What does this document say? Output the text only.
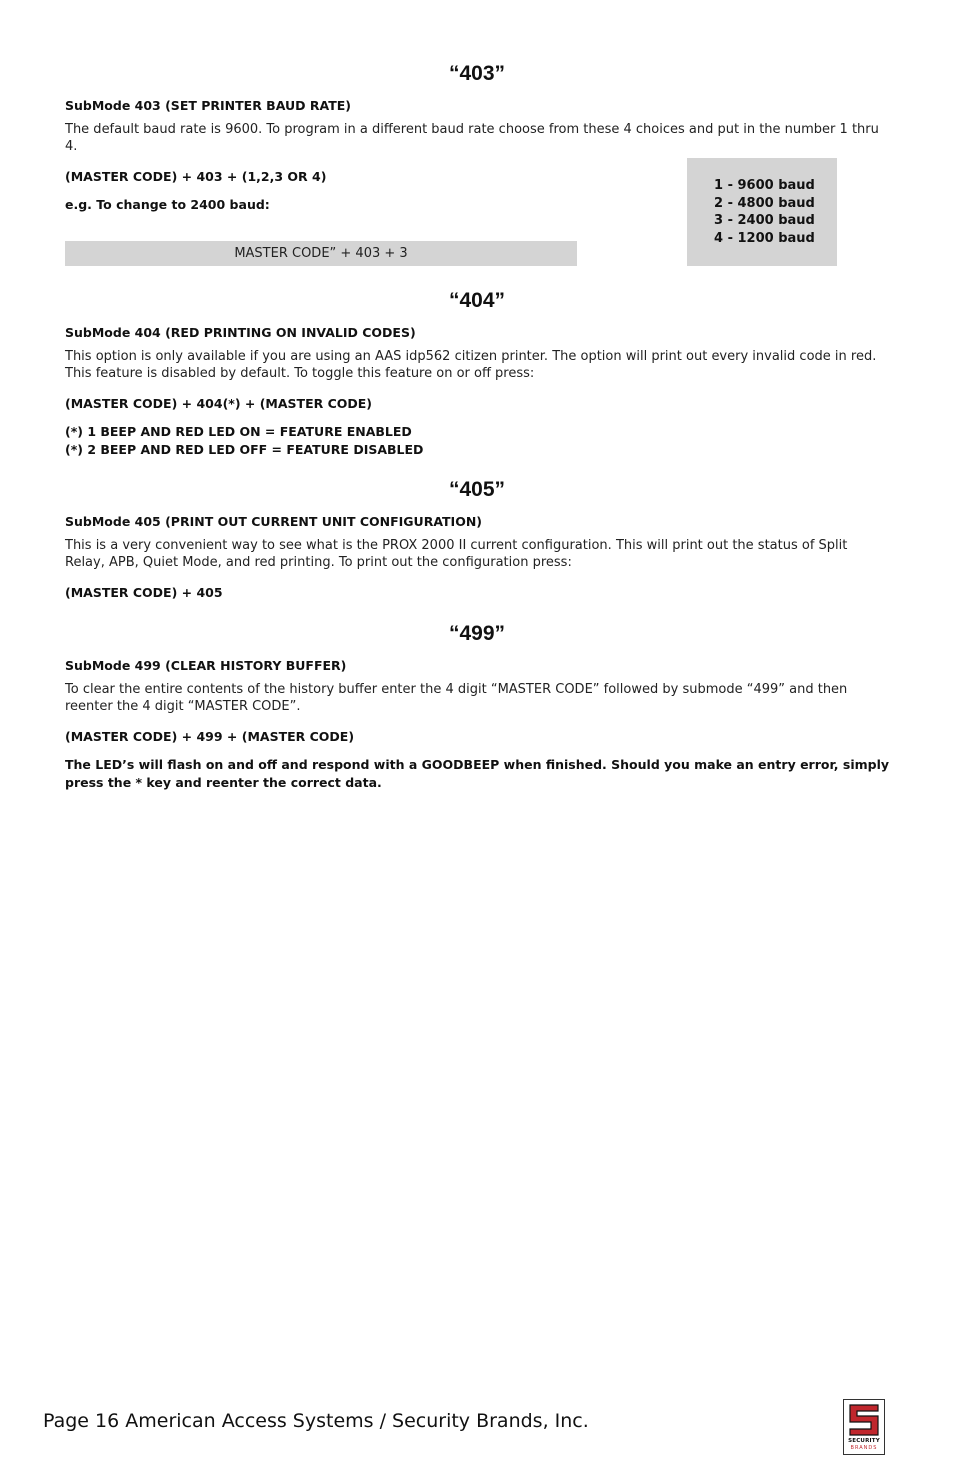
“403”
SubMode 403 (SET PRINTER BAUD RATE)
The default baud rate is 9600. To program in a different baud rate choose from these 4 choices and put in the number 1 thru 4.
(MASTER CODE) + 403 + (1,2,3 OR 4)
e.g. To change to 2400 baud:
MASTER CODE” + 403 + 3
1 - 9600 baud
2 - 4800 baud
3 - 2400 baud
4 - 1200 baud
“404”
SubMode 404 (RED PRINTING ON INVALID CODES)
This option is only available if you are using an AAS idp562 citizen printer. The option will print out every invalid code in red. This feature is disabled by default. To toggle this feature on or off press:
(MASTER CODE) + 404(*) + (MASTER CODE)
(*) 1 BEEP AND RED LED ON = FEATURE ENABLED
(*) 2 BEEP AND RED LED OFF = FEATURE DISABLED
“405”
SubMode 405 (PRINT OUT CURRENT UNIT CONFIGURATION)
This is a very convenient way to see what is the PROX 2000 II current configuration. This will print out the status of Split Relay, APB, Quiet Mode, and red printing. To print out the configuration press:
(MASTER CODE) + 405
“499”
SubMode 499 (CLEAR HISTORY BUFFER)
To clear the entire contents of the history buffer enter the 4 digit “MASTER CODE” followed by submode “499” and then reenter the 4 digit “MASTER CODE”.
(MASTER CODE) + 499 + (MASTER CODE)
The LED’s will flash on and off and respond with a GOODBEEP when finished. Should you make an entry error, simply press the * key and reenter the correct data.
Page 16 American Access Systems / Security Brands, Inc.
SECURITY
BRANDS
